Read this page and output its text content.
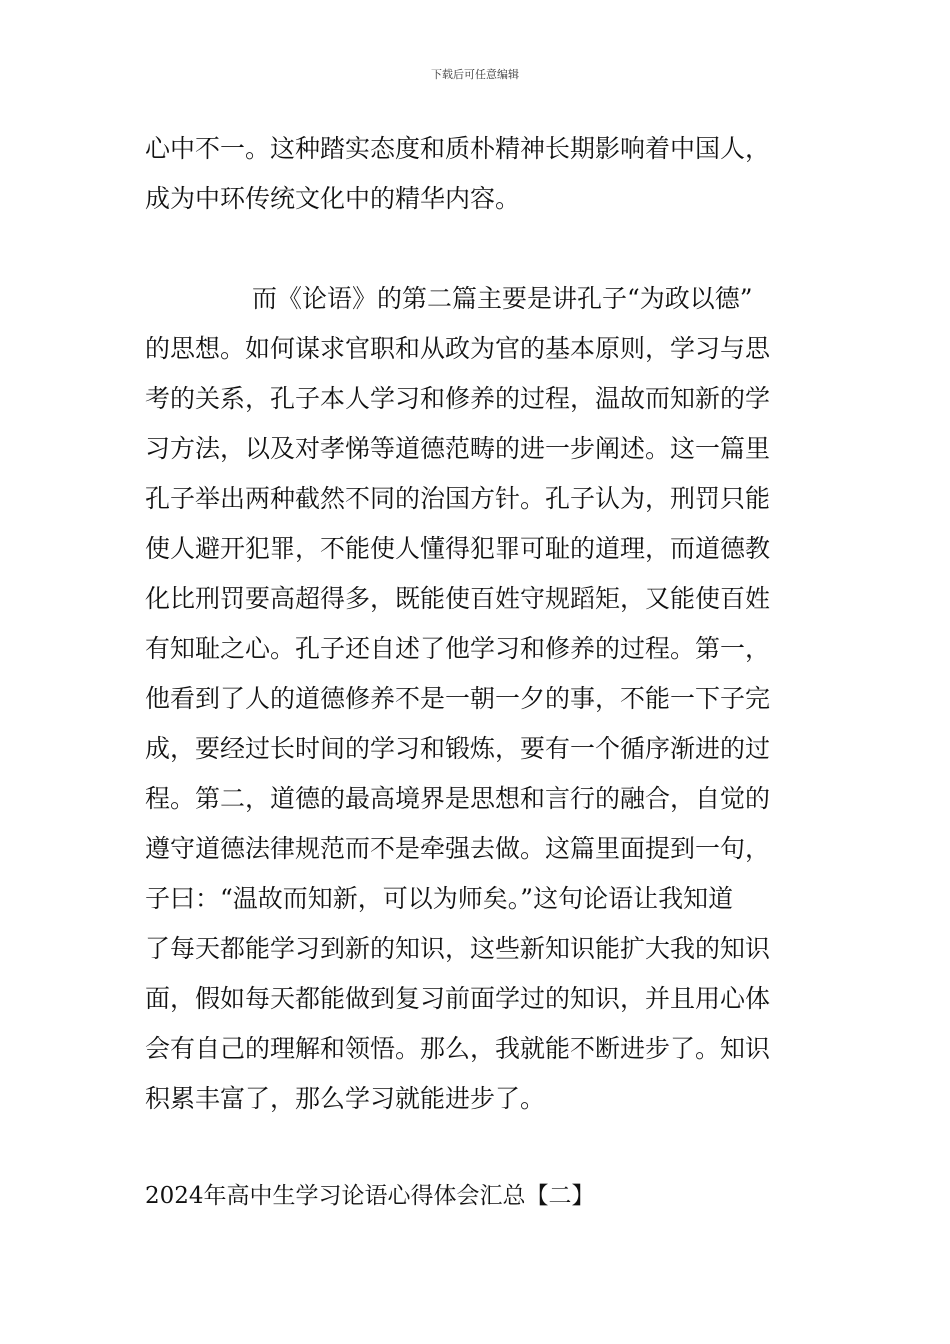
下载后可任意编辑
心中不一。这种踏实态度和质朴精神长期影响着中国人，
成为中环传统文化中的精华内容。
而《论语》的第二篇主要是讲孔子“为政以德”
的思想。如何谋求官职和从政为官的基本原则，学习与思
考的关系，孔子本人学习和修养的过程，温故而知新的学
习方法，以及对孝悌等道德范畴的进一步阐述。这一篇里
孔子举出两种截然不同的治国方针。孔子认为，刑罚只能
使人避开犯罪，不能使人懂得犯罪可耻的道理，而道德教
化比刑罚要高超得多，既能使百姓守规蹈矩，又能使百姓
有知耻之心。孔子还自述了他学习和修养的过程。第一，
他看到了人的道德修养不是一朝一夕的事，不能一下子完
成，要经过长时间的学习和锻炼，要有一个循序渐进的过
程。第二，道德的最高境界是思想和言行的融合，自觉的
遵守道德法律规范而不是牵强去做。这篇里面提到一句，
子曰：“温故而知新，可以为师矣。”这句论语让我知道
了每天都能学习到新的知识，这些新知识能扩大我的知识
面，假如每天都能做到复习前面学过的知识，并且用心体
会有自己的理解和领悟。那么，我就能不断进步了。知识
积累丰富了，那么学习就能进步了。
2024年高中生学习论语心得体会汇总【二】
